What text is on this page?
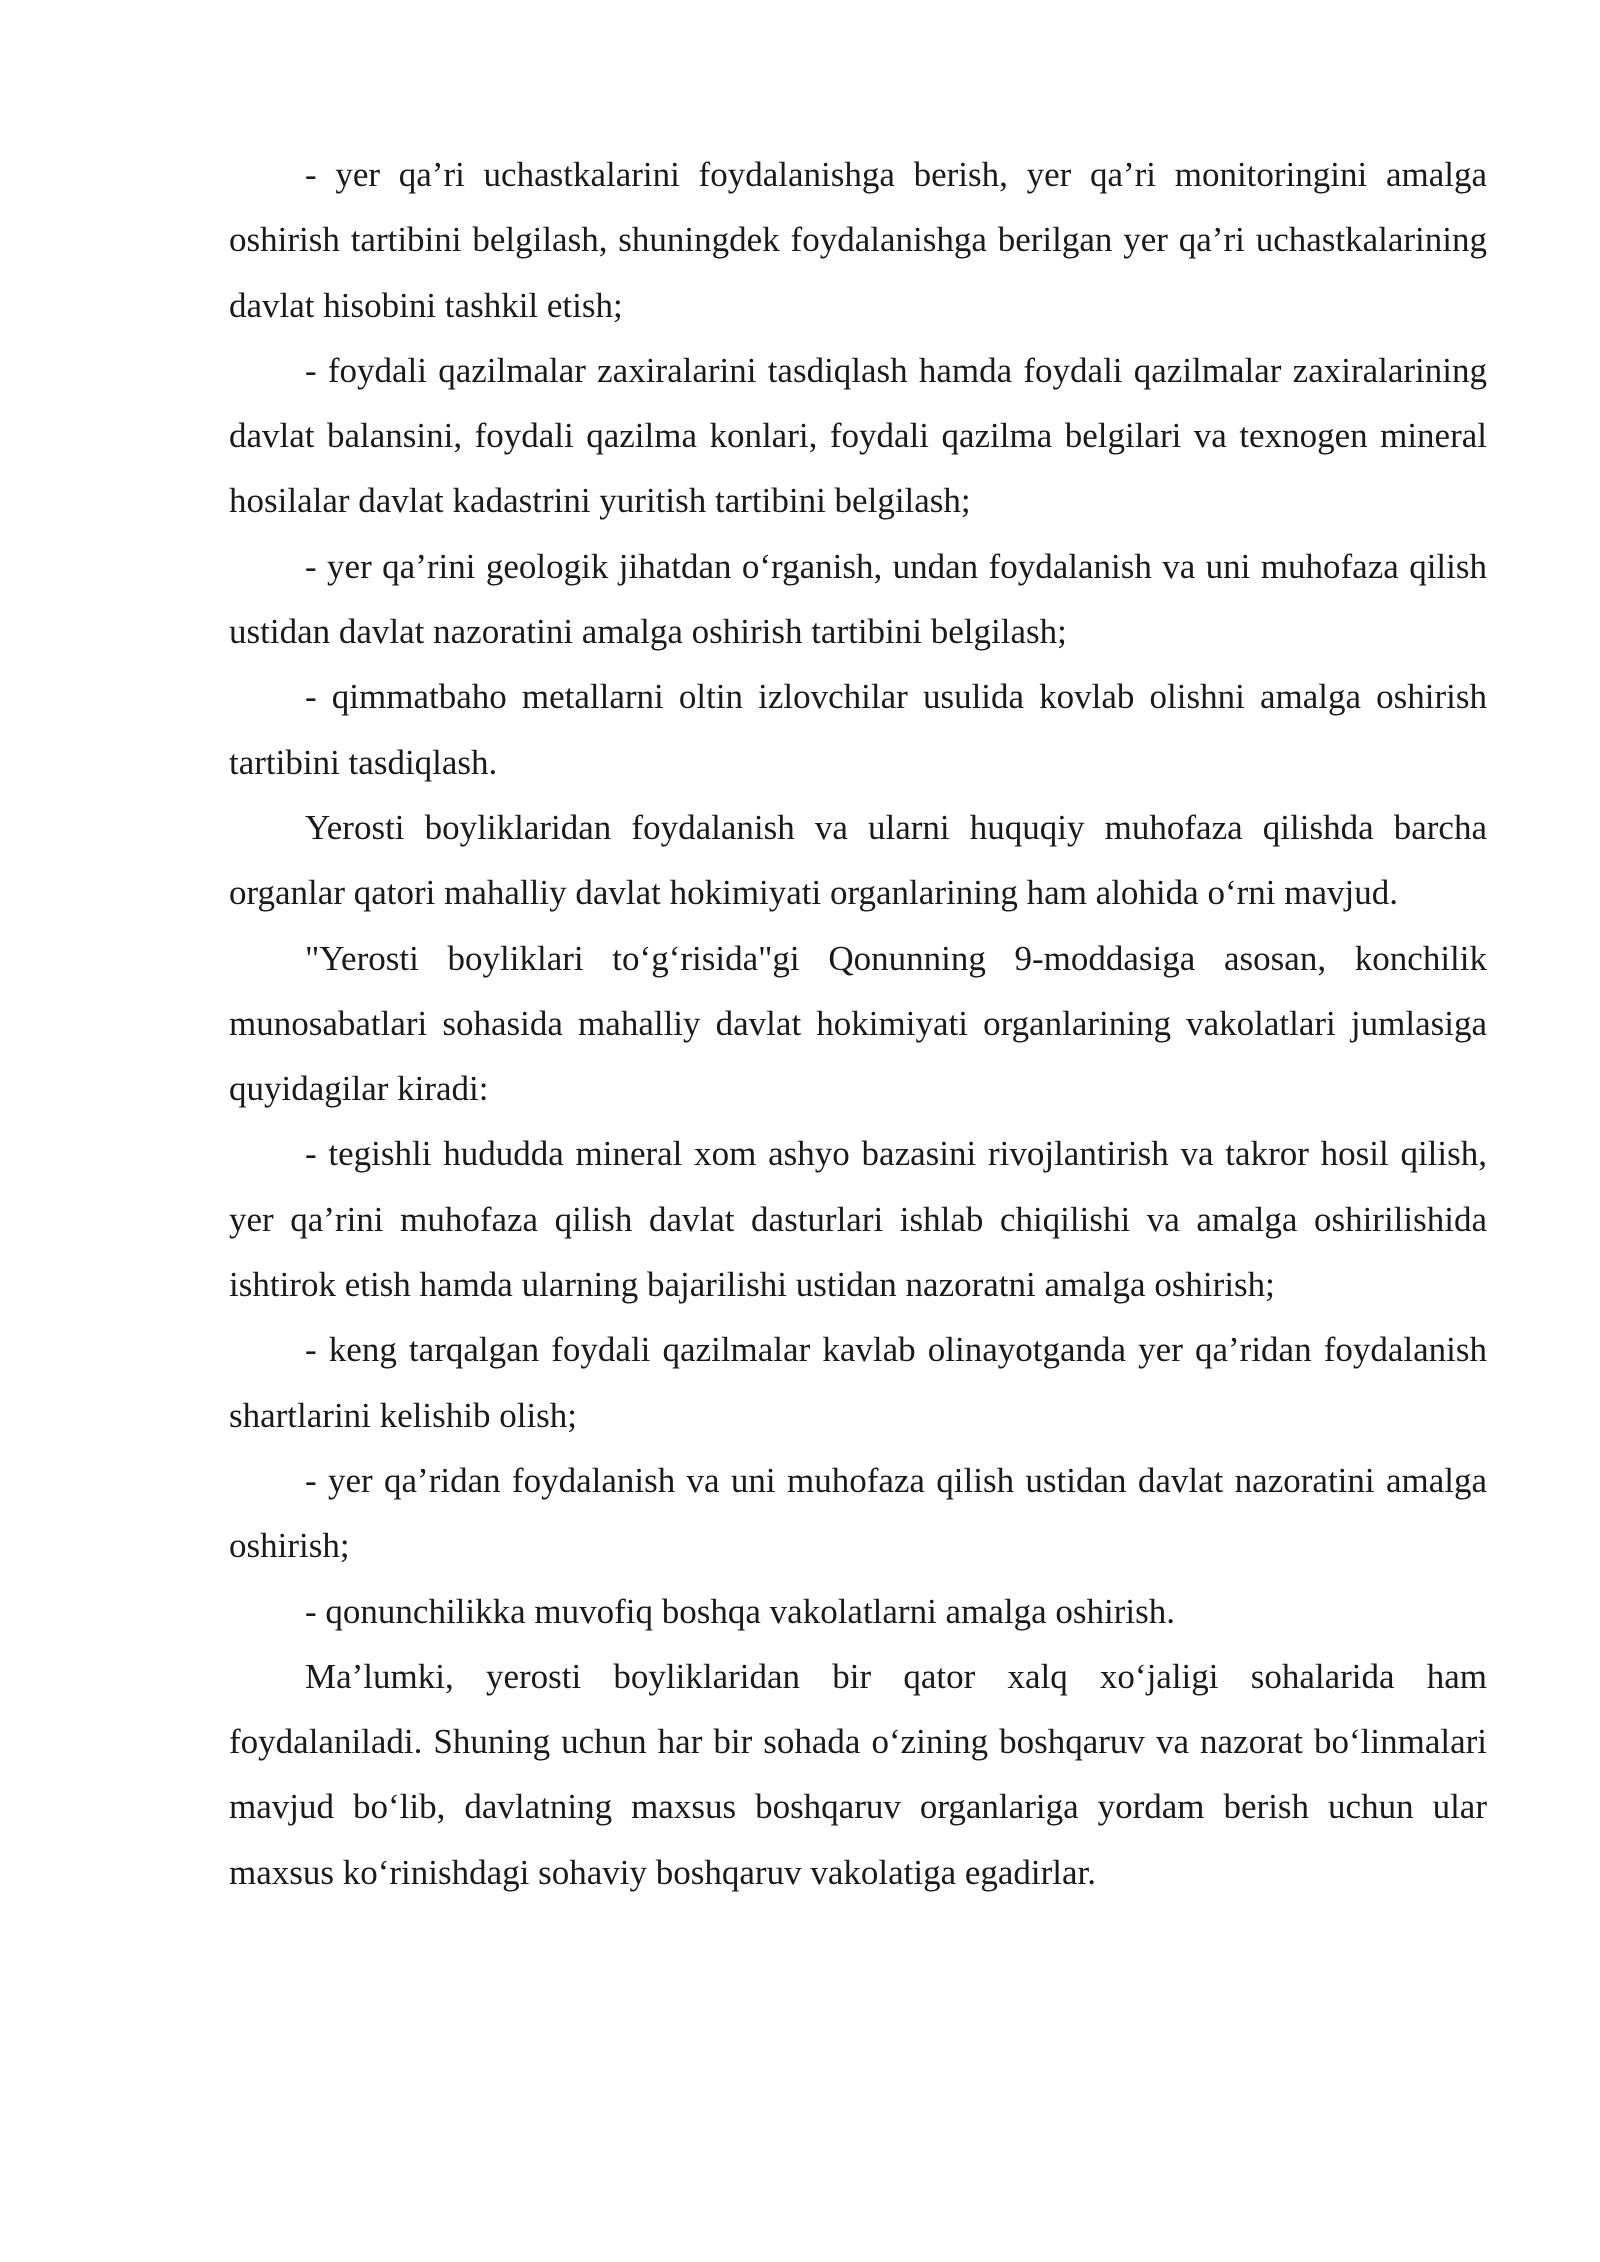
- yer qa’ri uchastkalarini foydalanishga berish, yer qa’ri monitoringini amalga oshirish tartibini belgilash, shuningdek foydalanishga berilgan yer qa’ri uchastkalarining davlat hisobini tashkil etish;

- foydali qazilmalar zaxiralarini tasdiqlash hamda foydali qazilmalar zaxiralarining davlat balansini, foydali qazilma konlari, foydali qazilma belgilari va texnogen mineral hosilalar davlat kadastrini yuritish tartibini belgilash;

- yer qa’rini geologik jihatdan o‘rganish, undan foydalanish va uni muhofaza qilish ustidan davlat nazoratini amalga oshirish tartibini belgilash;

- qimmatbaho metallarni oltin izlovchilar usulida kovlab olishni amalga oshirish tartibini tasdiqlash.

Yerosti boyliklaridan foydalanish va ularni huquqiy muhofaza qilishda barcha organlar qatori mahalliy davlat hokimiyati organlarining ham alohida o‘rni mavjud.

"Yerosti boyliklari to‘g‘risida"gi Qonunning 9-moddasiga asosan, konchilik munosabatlari sohasida mahalliy davlat hokimiyati organlarining vakolatlari jumlasiga quyidagilar kiradi:

- tegishli hududda mineral xom ashyo bazasini rivojlantirish va takror hosil qilish, yer qa’rini muhofaza qilish davlat dasturlari ishlab chiqilishi va amalga oshirilishida ishtirok etish hamda ularning bajarilishi ustidan nazoratni amalga oshirish;

- keng tarqalgan foydali qazilmalar kavlab olinayotganda yer qa’ridan foydalanish shartlarini kelishib olish;

- yer qa’ridan foydalanish va uni muhofaza qilish ustidan davlat nazoratini amalga oshirish;

- qonunchilikka muvofiq boshqa vakolatlarni amalga oshirish.

Ma’lumki, yerosti boyliklaridan bir qator xalq xo‘jaligi sohalarida ham foydalaniladi. Shuning uchun har bir sohada o‘zining boshqaruv va nazorat bo‘linmalari mavjud bo‘lib, davlatning maxsus boshqaruv organlariga yordam berish uchun ular maxsus ko‘rinishdagi sohaviy boshqaruv vakolatiga egadirlar.
